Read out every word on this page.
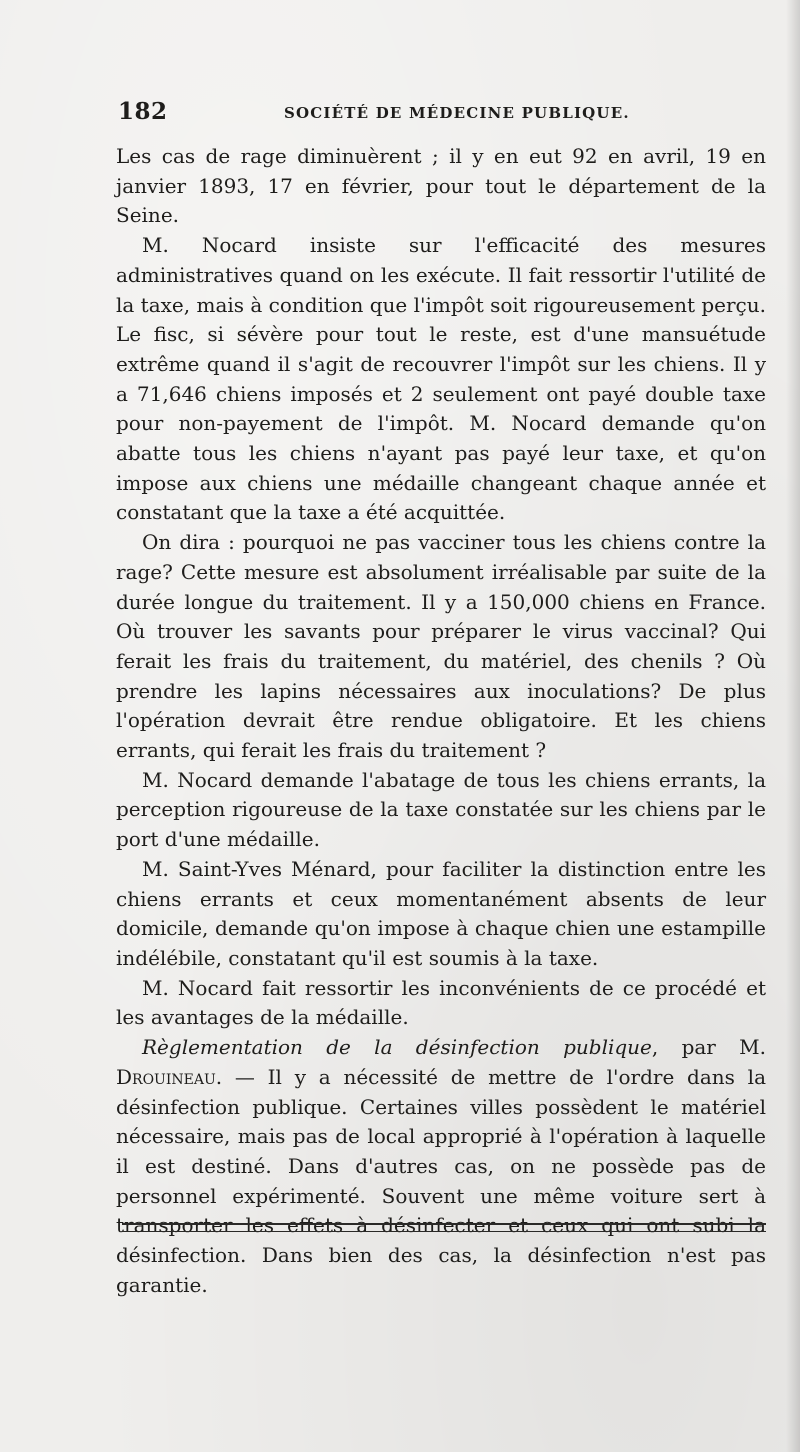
182	SOCIÉTÉ DE MÉDECINE PUBLIQUE.

Les cas de rage diminuèrent ; il y en eut 92 en avril, 19 en janvier 1893, 17 en février, pour tout le département de la Seine.

M. Nocard insiste sur l'efficacité des mesures administratives quand on les exécute. Il fait ressortir l'utilité de la taxe, mais à condition que l'impôt soit rigoureusement perçu. Le fisc, si sévère pour tout le reste, est d'une mansuétude extrême quand il s'agit de recouvrer l'impôt sur les chiens. Il y a 71,646 chiens imposés et 2 seulement ont payé double taxe pour non-payement de l'impôt. M. Nocard demande qu'on abatte tous les chiens n'ayant pas payé leur taxe, et qu'on impose aux chiens une médaille changeant chaque année et constatant que la taxe a été acquittée.

On dira : pourquoi ne pas vacciner tous les chiens contre la rage? Cette mesure est absolument irréalisable par suite de la durée longue du traitement. Il y a 150,000 chiens en France. Où trouver les savants pour préparer le virus vaccinal? Qui ferait les frais du traitement, du matériel, des chenils ? Où prendre les lapins nécessaires aux inoculations? De plus l'opération devrait être rendue obligatoire. Et les chiens errants, qui ferait les frais du traitement ?

M. Nocard demande l'abatage de tous les chiens errants, la perception rigoureuse de la taxe constatée sur les chiens par le port d'une médaille.

M. Saint-Yves Ménard, pour faciliter la distinction entre les chiens errants et ceux momentanément absents de leur domicile, demande qu'on impose à chaque chien une estampille indélébile, constatant qu'il est soumis à la taxe.

M. Nocard fait ressortir les inconvénients de ce procédé et les avantages de la médaille.

Règlementation de la désinfection publique, par M. Drouineau. — Il y a nécessité de mettre de l'ordre dans la désinfection publique. Certaines villes possèdent le matériel nécessaire, mais pas de local approprié à l'opération à laquelle il est destiné. Dans d'autres cas, on ne possède pas de personnel expérimenté. Souvent une même voiture sert à transporter les effets à désinfecter et ceux qui ont subi la désinfection. Dans bien des cas, la désinfection n'est pas garantie.
